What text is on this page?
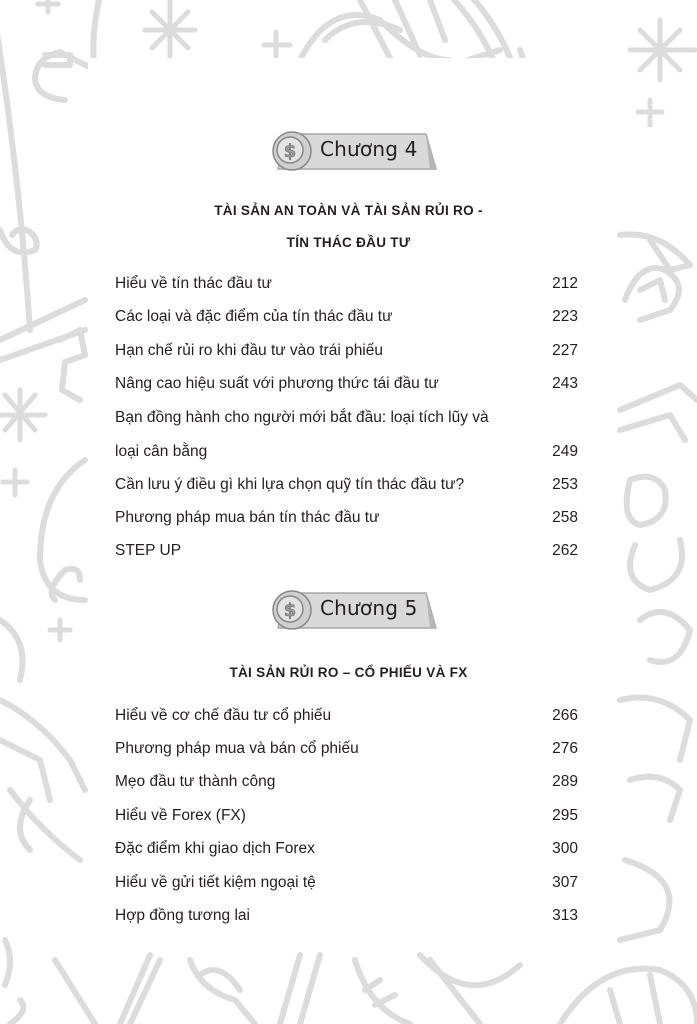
$ Chương 4
TÀI SẢN AN TOÀN VÀ TÀI SẢN RỦI RO -
TÍN THÁC ĐẦU TƯ
Hiểu về tín thác đầu tư	212
Các loại và đặc điểm của tín thác đầu tư	223
Hạn chế rủi ro khi đầu tư vào trái phiếu	227
Nâng cao hiệu suất với phương thức tái đầu tư	243
Bạn đồng hành cho người mới bắt đầu: loại tích lũy và
loại cân bằng	249
Cần lưu ý điều gì khi lựa chọn quỹ tín thác đầu tư?	253
Phương pháp mua bán tín thác đầu tư	258
STEP UP	262
$ Chương 5
TÀI SẢN RỦI RO – CỔ PHIẾU VÀ FX
Hiểu về cơ chế đầu tư cổ phiếu	266
Phương pháp mua và bán cổ phiếu	276
Mẹo đầu tư thành công	289
Hiểu về Forex (FX)	295
Đặc điểm khi giao dịch Forex	300
Hiểu về gửi tiết kiệm ngoại tệ	307
Hợp đồng tương lai	313
